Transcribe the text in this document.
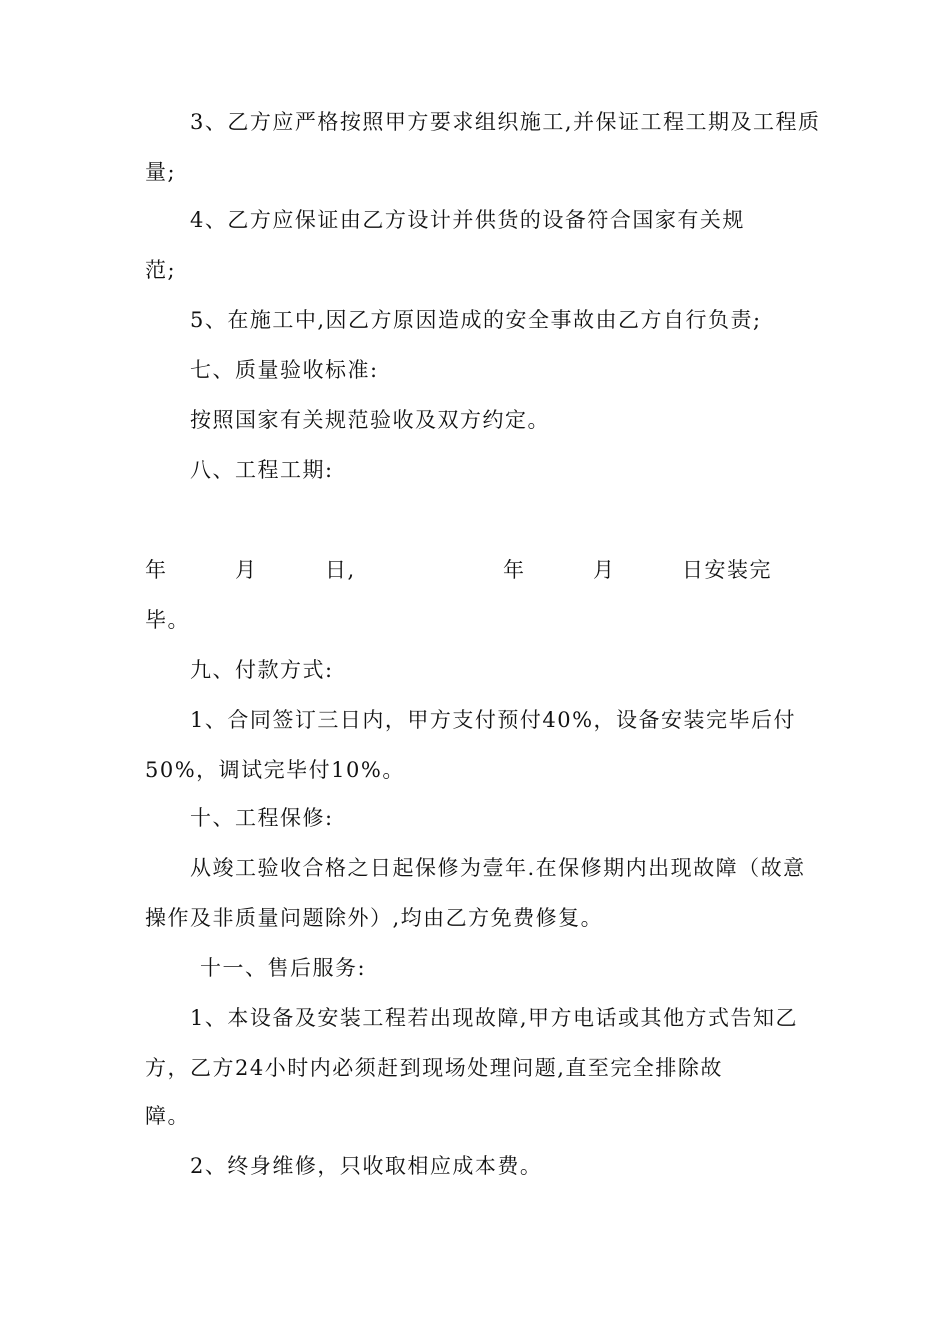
3、乙方应严格按照甲方要求组织施工,并保证工程工期及工程质
量;
4、乙方应保证由乙方设计并供货的设备符合国家有关规
范;
5、在施工中,因乙方原因造成的安全事故由乙方自行负责;
七、质量验收标准:
按照国家有关规范验收及双方约定。
八、工程工期:
年	月	日,	年	月	日安装完
毕。
九、付款方式:
1、合同签订三日内，甲方支付预付40%，设备安装完毕后付
50%，调试完毕付10%。
十、工程保修:
从竣工验收合格之日起保修为壹年.在保修期内出现故障（故意
操作及非质量问题除外）,均由乙方免费修复。
十一、售后服务:
1、本设备及安装工程若出现故障,甲方电话或其他方式告知乙
方，乙方24小时内必须赶到现场处理问题,直至完全排除故
障。
2、终身维修，只收取相应成本费。
